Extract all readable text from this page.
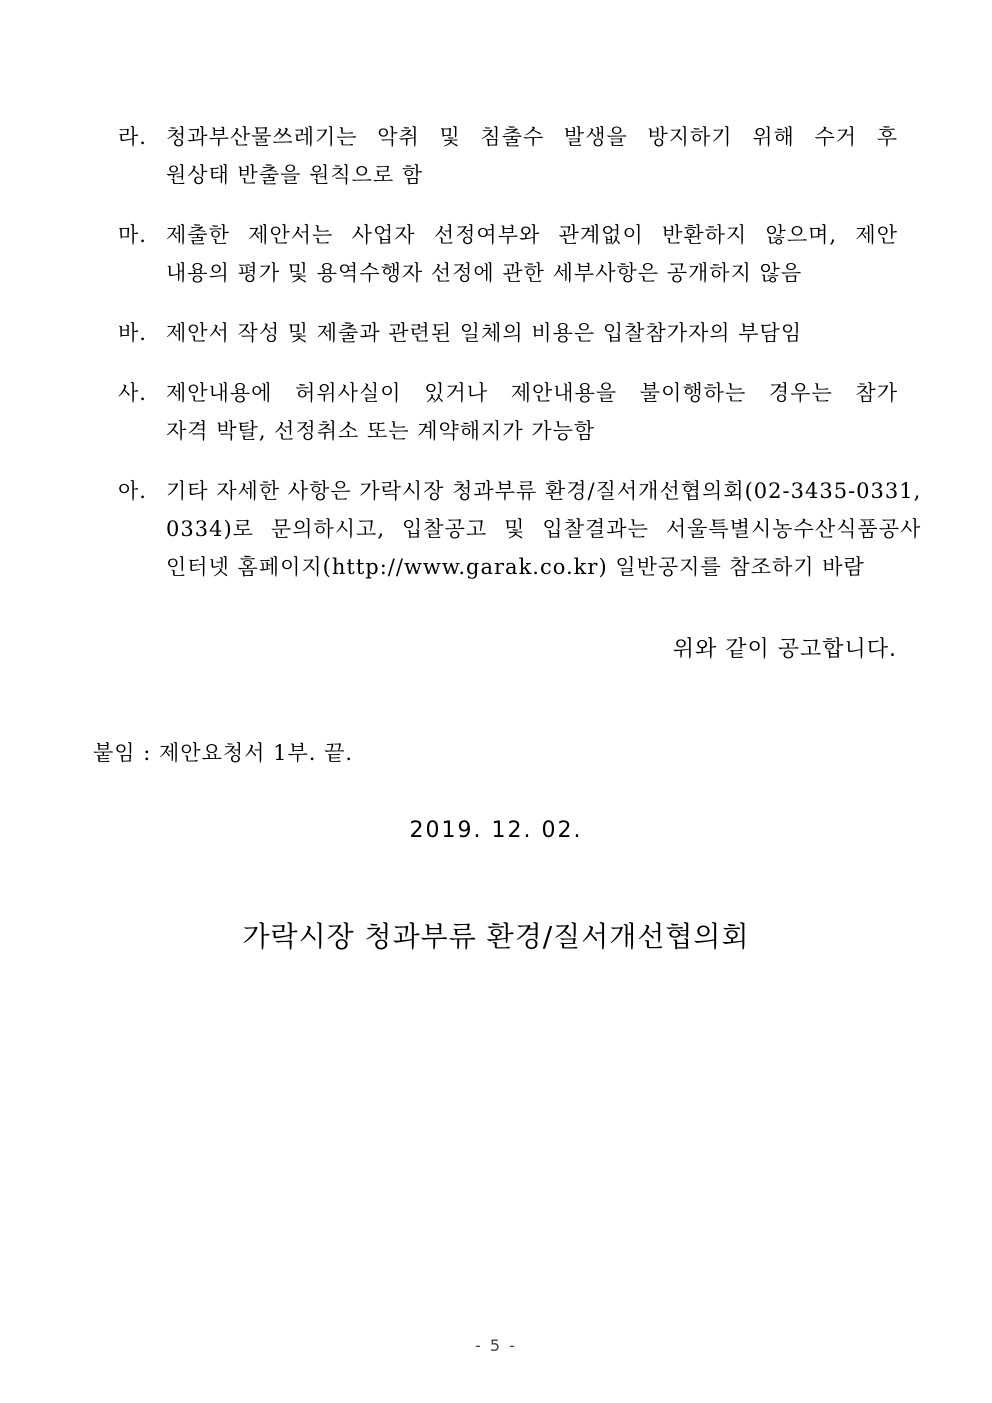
라. 청과부산물쓰레기는 악취 및 침출수 발생을 방지하기 위해 수거 후
원상태 반출을 원칙으로 함
마. 제출한 제안서는 사업자 선정여부와 관계없이 반환하지 않으며, 제안
내용의 평가 및 용역수행자 선정에 관한 세부사항은 공개하지 않음
바. 제안서 작성 및 제출과 관련된 일체의 비용은 입찰참가자의 부담임
사. 제안내용에 허위사실이 있거나 제안내용을 불이행하는 경우는 참가
자격 박탈, 선정취소 또는 계약해지가 가능함
아. 기타 자세한 사항은 가락시장 청과부류 환경/질서개선협의회(02-3435-0331,
0334)로 문의하시고, 입찰공고 및 입찰결과는 서울특별시농수산식품공사
인터넷 홈페이지(http://www.garak.co.kr) 일반공지를 참조하기 바람
위와 같이 공고합니다.
붙임 : 제안요청서 1부. 끝.
2019. 12. 02.
가락시장 청과부류 환경/질서개선협의회
- 5 -
